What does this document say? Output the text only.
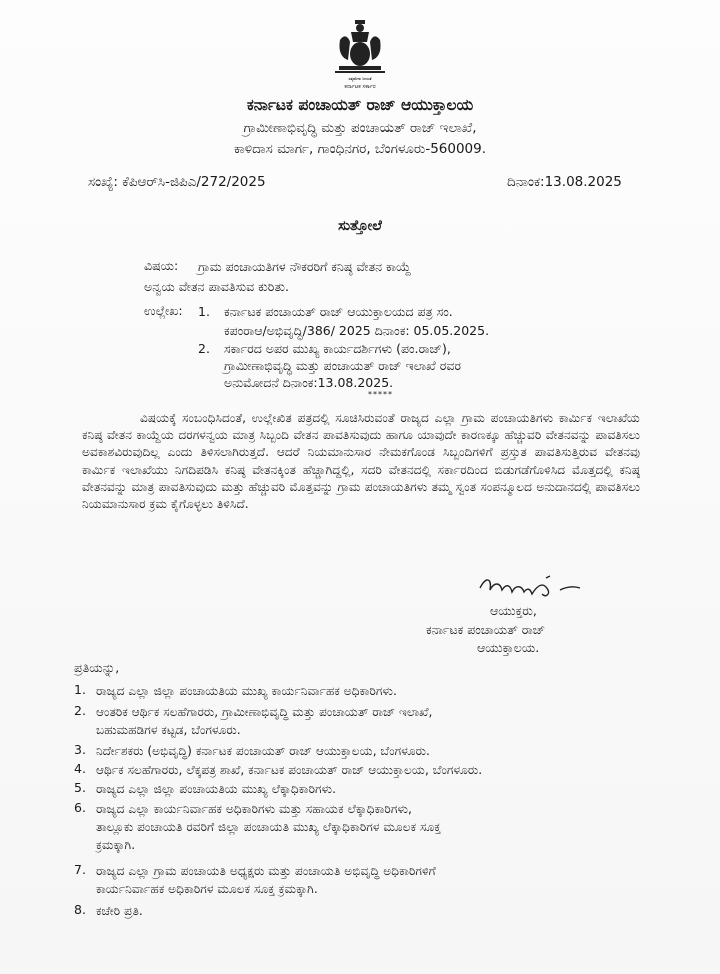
ಸತ್ಯಮೇವ ಜಯತೆ
ಕರ್ನಾಟಕ ಸರ್ಕಾರ
ಕರ್ನಾಟಕ ಪಂಚಾಯತ್ ರಾಜ್ ಆಯುಕ್ತಾಲಯ
ಗ್ರಾಮೀಣಾಭಿವೃದ್ಧಿ ಮತ್ತು ಪಂಚಾಯತ್ ರಾಜ್ ಇಲಾಖೆ,
ಕಾಳಿದಾಸ ಮಾರ್ಗ, ಗಾಂಧಿನಗರ, ಬೆಂಗಳೂರು-560009.
ಸಂಖ್ಯೆ: ಕೆಪಿಆರ್‌ಸಿ-ಜಿಪಿಎ/272/2025	ದಿನಾಂಕ:13.08.2025
ಸುತ್ತೋಲೆ
ವಿಷಯ: ಗ್ರಾಮ ಪಂಚಾಯತಿಗಳ ನೌಕರರಿಗೆ ಕನಿಷ್ಠ ವೇತನ ಕಾಯ್ದೆ
ಅನ್ವಯ ವೇತನ ಪಾವತಿಸುವ ಕುರಿತು.
ಉಲ್ಲೇಖ: 1. ಕರ್ನಾಟಕ ಪಂಚಾಯತ್ ರಾಜ್ ಆಯುಕ್ತಾಲಯದ ಪತ್ರ ಸಂ.
ಕಪಂರಾಆ/ಅಭಿವೃದ್ಧಿ/386/ 2025 ದಿನಾಂಕ: 05.05.2025.
2. ಸರ್ಕಾರದ ಅಪರ ಮುಖ್ಯ ಕಾರ್ಯದರ್ಶಿಗಳು (ಪಂ.ರಾಜ್),
ಗ್ರಾಮೀಣಾಭಿವೃದ್ಧಿ ಮತ್ತು ಪಂಚಾಯತ್ ರಾಜ್ ಇಲಾಖೆ ರವರ
ಅನುಮೋದನೆ ದಿನಾಂಕ:13.08.2025.
*****
ವಿಷಯಕ್ಕೆ ಸಂಬಂಧಿಸಿದಂತೆ, ಉಲ್ಲೇಖಿತ ಪತ್ರದಲ್ಲಿ ಸೂಚಿಸಿರುವಂತೆ ರಾಜ್ಯದ ಎಲ್ಲಾ ಗ್ರಾಮ ಪಂಚಾಯತಿಗಳು ಕಾರ್ಮಿಕ ಇಲಾಖೆಯ ಕನಿಷ್ಠ ವೇತನ ಕಾಯ್ದೆಯ ದರಗಳನ್ವಯ ಮಾತ್ರ ಸಿಬ್ಬಂದಿ ವೇತನ ಪಾವತಿಸುವುದು ಹಾಗೂ ಯಾವುದೇ ಕಾರಣಕ್ಕೂ ಹೆಚ್ಚುವರಿ ವೇತನವನ್ನು ಪಾವತಿಸಲು ಅವಕಾಶವಿರುವುದಿಲ್ಲ ಎಂದು ತಿಳಿಸಲಾಗಿರುತ್ತದೆ. ಆದರೆ ನಿಯಮಾನುಸಾರ ನೇಮಕಗೊಂಡ ಸಿಬ್ಬಂದಿಗಳಿಗೆ ಪ್ರಸ್ತುತ ಪಾವತಿಸುತ್ತಿರುವ ವೇತನವು ಕಾರ್ಮಿಕ ಇಲಾಖೆಯು ನಿಗದಿಪಡಿಸಿ ಕನಿಷ್ಠ ವೇತನಕ್ಕಿಂತ ಹೆಚ್ಚಾಗಿದ್ದಲ್ಲಿ, ಸದರಿ ವೇತನದಲ್ಲಿ ಸರ್ಕಾರದಿಂದ ಬಿಡುಗಡೆಗೊಳಿಸಿದ ಮೊತ್ತದಲ್ಲಿ ಕನಿಷ್ಠ ವೇತನವನ್ನು ಮಾತ್ರ ಪಾವತಿಸುವುದು ಮತ್ತು ಹೆಚ್ಚುವರಿ ಮೊತ್ತವನ್ನು ಗ್ರಾಮ ಪಂಚಾಯತಿಗಳು ತಮ್ಮ ಸ್ವಂತ ಸಂಪನ್ಮೂಲದ ಅನುದಾನದಲ್ಲಿ ಪಾವತಿಸಲು ನಿಯಮಾನುಸಾರ ಕ್ರಮ ಕೈಗೊಳ್ಳಲು ತಿಳಿಸಿದೆ.
ಆಯುಕ್ತರು,
ಕರ್ನಾಟಕ ಪಂಚಾಯತ್ ರಾಜ್
ಆಯುಕ್ತಾಲಯ.
ಪ್ರತಿಯನ್ನು,
1. ರಾಜ್ಯದ ಎಲ್ಲಾ ಜಿಲ್ಲಾ ಪಂಚಾಯತಿಯ ಮುಖ್ಯ ಕಾರ್ಯನಿರ್ವಾಹಕ ಅಧಿಕಾರಿಗಳು.
2. ಆಂತರಿಕ ಆರ್ಥಿಕ ಸಲಹೆಗಾರರು, ಗ್ರಾಮೀಣಾಭಿವೃದ್ಧಿ ಮತ್ತು ಪಂಚಾಯತ್ ರಾಜ್ ಇಲಾಖೆ,
ಬಹುಮಹಡಿಗಳ ಕಟ್ಟಡ, ಬೆಂಗಳೂರು.
3. ನಿರ್ದೇಶಕರು (ಅಭಿವೃದ್ಧಿ) ಕರ್ನಾಟಕ ಪಂಚಾಯತ್ ರಾಜ್ ಆಯುಕ್ತಾಲಯ, ಬೆಂಗಳೂರು.
4. ಆರ್ಥಿಕ ಸಲಹೆಗಾರರು, ಲೆಕ್ಕಪತ್ರ ಶಾಖೆ, ಕರ್ನಾಟಕ ಪಂಚಾಯತ್ ರಾಜ್ ಆಯುಕ್ತಾಲಯ, ಬೆಂಗಳೂರು.
5. ರಾಜ್ಯದ ಎಲ್ಲಾ ಜಿಲ್ಲಾ ಪಂಚಾಯತಿಯ ಮುಖ್ಯ ಲೆಕ್ಕಾಧಿಕಾರಿಗಳು.
6. ರಾಜ್ಯದ ಎಲ್ಲಾ ಕಾರ್ಯನಿರ್ವಾಹಕ ಅಧಿಕಾರಿಗಳು ಮತ್ತು ಸಹಾಯಕ ಲೆಕ್ಕಾಧಿಕಾರಿಗಳು,
ತಾಲ್ಲೂಕು ಪಂಚಾಯತಿ ರವರಿಗೆ ಜಿಲ್ಲಾ ಪಂಚಾಯತಿ ಮುಖ್ಯ ಲೆಕ್ಕಾಧಿಕಾರಿಗಳ ಮೂಲಕ ಸೂಕ್ತ
ಕ್ರಮಕ್ಕಾಗಿ.
7. ರಾಜ್ಯದ ಎಲ್ಲಾ ಗ್ರಾಮ ಪಂಚಾಯತಿ ಅಧ್ಯಕ್ಷರು ಮತ್ತು ಪಂಚಾಯತಿ ಅಭಿವೃದ್ಧಿ ಅಧಿಕಾರಿಗಳಿಗೆ
ಕಾರ್ಯನಿರ್ವಾಹಕ ಅಧಿಕಾರಿಗಳ ಮೂಲಕ ಸೂಕ್ತ ಕ್ರಮಕ್ಕಾಗಿ.
8. ಕಚೇರಿ ಪ್ರತಿ.
